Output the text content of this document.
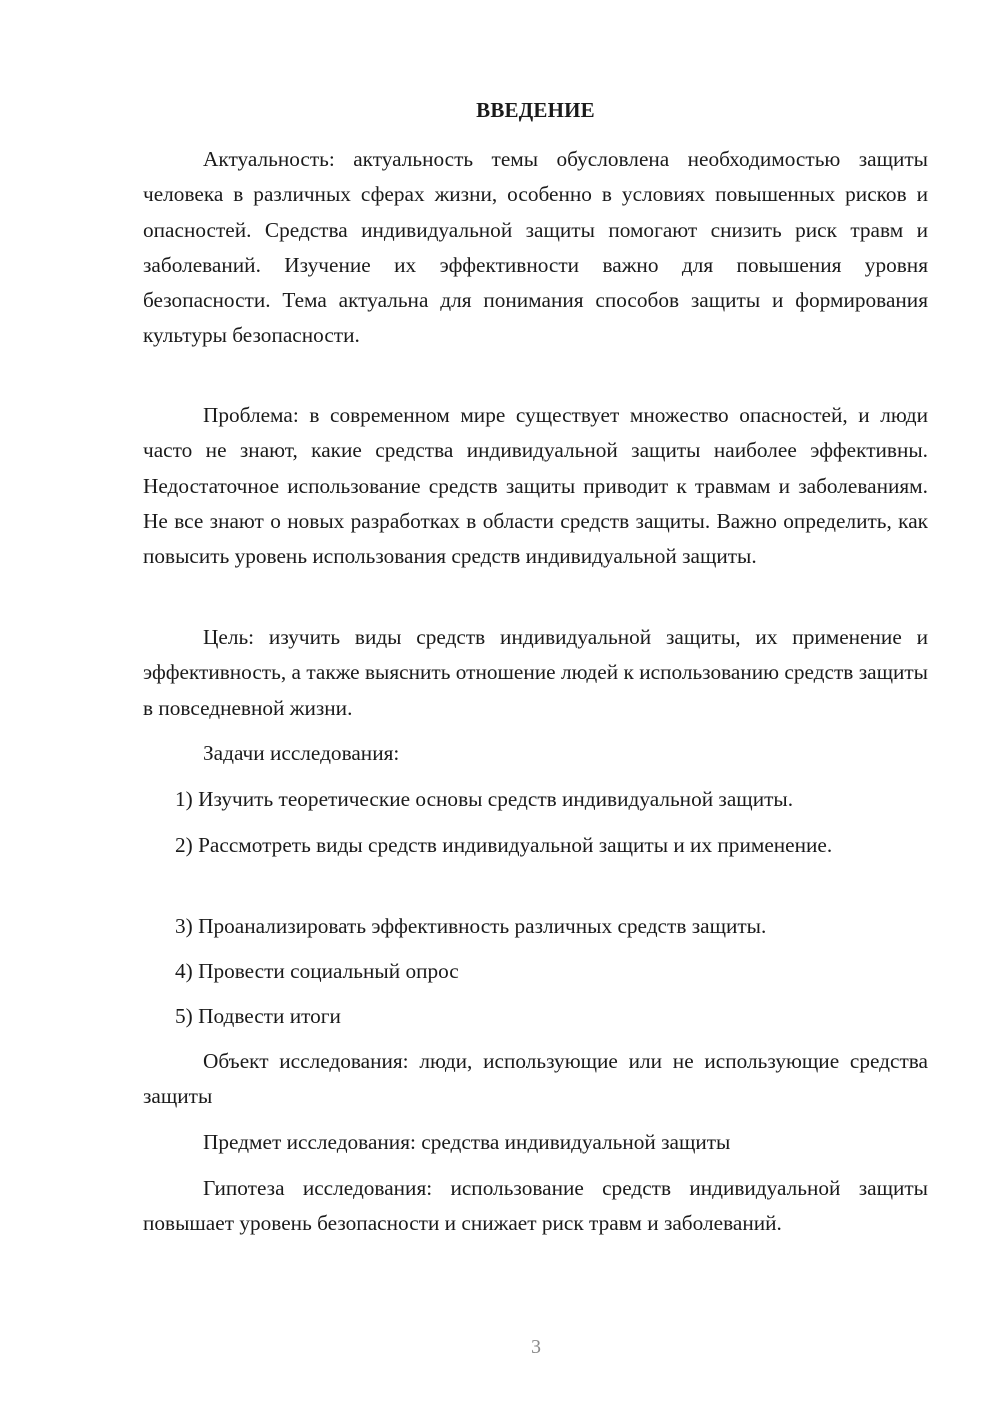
ВВЕДЕНИЕ

Актуальность: актуальность темы обусловлена необходимостью защиты человека в различных сферах жизни, особенно в условиях повышенных рисков и опасностей. Средства индивидуальной защиты помогают снизить риск травм и заболеваний. Изучение их эффективности важно для повышения уровня безопасности. Тема актуальна для понимания способов защиты и формирования культуры безопасности.

Проблема: в современном мире существует множество опасностей, и люди часто не знают, какие средства индивидуальной защиты наиболее эффективны. Недостаточное использование средств защиты приводит к травмам и заболеваниям. Не все знают о новых разработках в области средств защиты. Важно определить, как повысить уровень использования средств индивидуальной защиты.

Цель: изучить виды средств индивидуальной защиты, их применение и эффективность, а также выяснить отношение людей к использованию средств защиты в повседневной жизни.

Задачи исследования:

1) Изучить теоретические основы средств индивидуальной защиты.

2) Рассмотреть виды средств индивидуальной защиты и их применение.

3) Проанализировать эффективность различных средств защиты.

4) Провести социальный опрос

5) Подвести итоги

Объект исследования: люди, использующие или не использующие средства защиты

Предмет исследования: средства индивидуальной защиты

Гипотеза исследования: использование средств индивидуальной защиты повышает уровень безопасности и снижает риск травм и заболеваний.

3
